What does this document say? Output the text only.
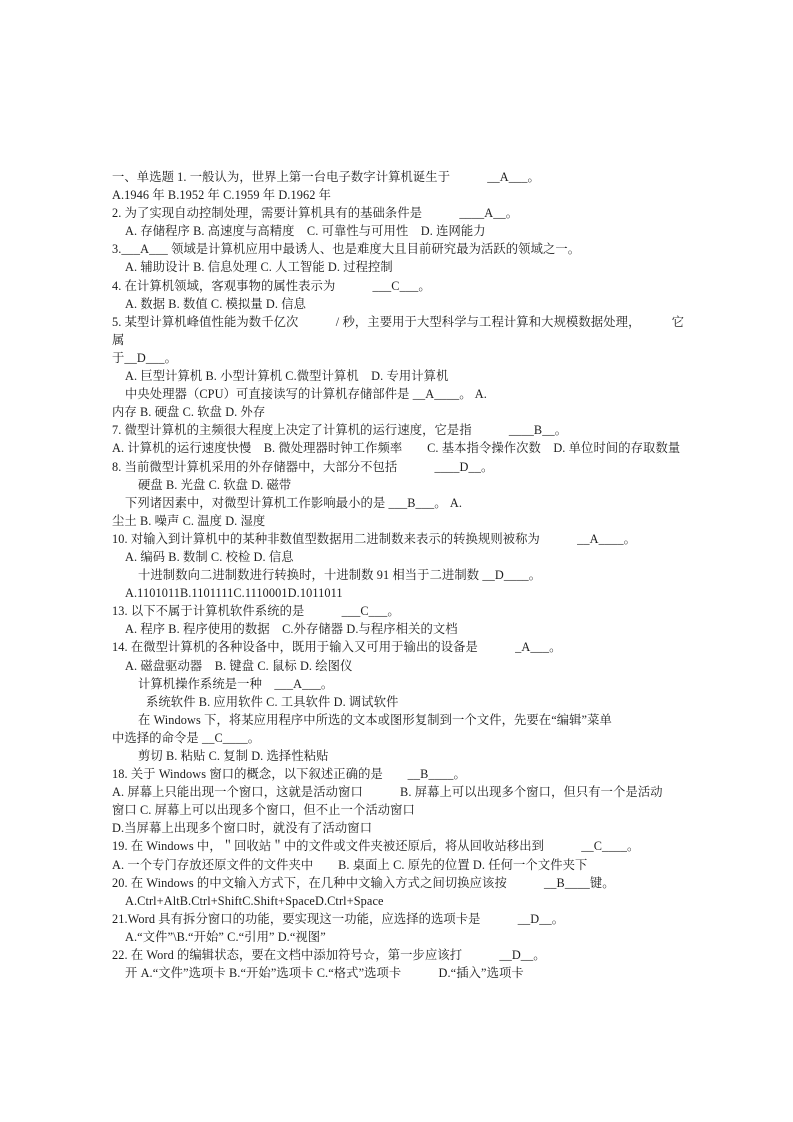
一、单选题 1. 一般认为，世界上第一台电子数字计算机诞生于　　　__A___。

A.1946 年 B.1952 年 C.1959 年 D.1962 年

2. 为了实现自动控制处理，需要计算机具有的基础条件是　　　____A__。

A. 存储程序 B. 高速度与高精度　C. 可靠性与可用性　D. 连网能力

3.___A___ 领域是计算机应用中最诱人、也是难度大且目前研究最为活跃的领域之一。

A. 辅助设计 B. 信息处理 C. 人工智能 D. 过程控制

4. 在计算机领域，客观事物的属性表示为　　　___C___。

A. 数据 B. 数值 C. 模拟量 D. 信息

5. 某型计算机峰值性能为数千亿次　　　/ 秒，主要用于大型科学与工程计算和大规模数据处理，　　　它属

于__D___。

A. 巨型计算机 B. 小型计算机 C.微型计算机　D. 专用计算机

中央处理器（CPU）可直接读写的计算机存储部件是 __A____。 A.

内存 B. 硬盘 C. 软盘 D. 外存

7. 微型计算机的主频很大程度上决定了计算机的运行速度，它是指　　　____B__。

A. 计算机的运行速度快慢　B. 微处理器时钟工作频率　　C. 基本指令操作次数　D. 单位时间的存取数量

8. 当前微型计算机采用的外存储器中，大部分不包括　　　____D__。

硬盘 B. 光盘 C. 软盘 D. 磁带

下列诸因素中，对微型计算机工作影响最小的是 ___B___。 A.

尘土 B. 噪声 C. 温度 D. 湿度

10. 对输入到计算机中的某种非数值型数据用二进制数来表示的转换规则被称为　　　__A____。

A. 编码 B. 数制 C. 校检 D. 信息

十进制数向二进制数进行转换时，十进制数 91 相当于二进制数 __D____。

A.1101011B.1101111C.1110001D.1011011

13. 以下不属于计算机软件系统的是　　　___C___。

A. 程序 B. 程序使用的数据　C.外存储器 D.与程序相关的文档

14. 在微型计算机的各种设备中，既用于输入又可用于输出的设备是　　　_A___。

A. 磁盘驱动器　B. 键盘 C. 鼠标 D. 绘图仪

计算机操作系统是一种　___A___。

系统软件 B. 应用软件 C. 工具软件 D. 调试软件

在 Windows 下，将某应用程序中所选的文本或图形复制到一个文件，先要在“编辑”菜单

中选择的命令是 __C____。

剪切 B. 粘贴 C. 复制 D. 选择性粘贴

18. 关于 Windows 窗口的概念，以下叙述正确的是　　__B____。

A. 屏幕上只能出现一个窗口，这就是活动窗口　　　B. 屏幕上可以出现多个窗口，但只有一个是活动

窗口 C. 屏幕上可以出现多个窗口，但不止一个活动窗口

D.当屏幕上出现多个窗口时，就没有了活动窗口

19. 在 Windows 中，＂回收站＂中的文件或文件夹被还原后，将从回收站移出到　　　__C____。

A. 一个专门存放还原文件的文件夹中　　B. 桌面上 C. 原先的位置 D. 任何一个文件夹下

20. 在 Windows 的中文输入方式下，在几种中文输入方式之间切换应该按　　　__B____键。

A.Ctrl+AltB.Ctrl+ShiftC.Shift+SpaceD.Ctrl+Space

21.Word 具有拆分窗口的功能，要实现这一功能，应选择的选项卡是　　　__D__。

A.“文件”\B.“开始” C.“引用” D.“视图”

22. 在 Word 的编辑状态，要在文档中添加符号☆，第一步应该打　　　__D__。

开 A.“文件”选项卡 B.“开始”选项卡 C.“格式”选项卡　　　D.“插入”选项卡
